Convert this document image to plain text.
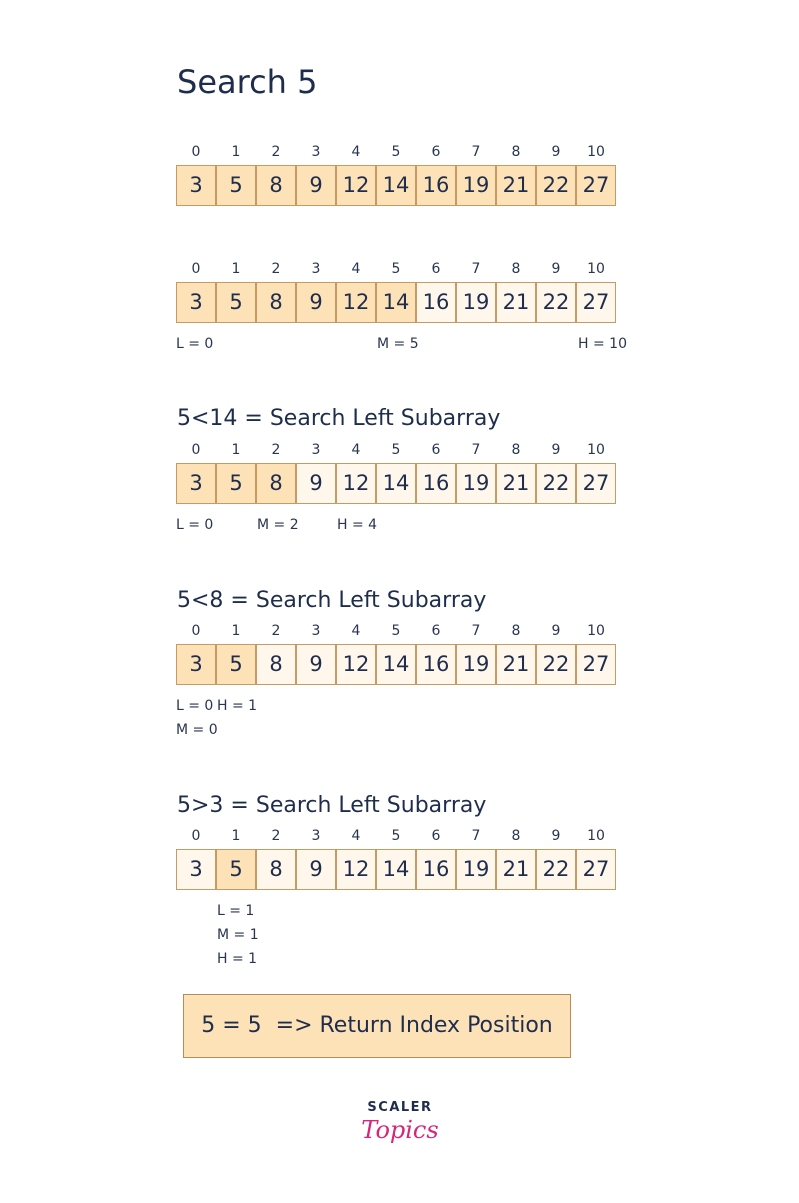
Search 5
0	1	2	3	4	5	6	7	8	9	10
3	5	8	9 12 14 16 19 21 22 27
0	1	2	3	4	5	6	7	8	9	10
3	5	8	9 12 14 16 19 21 22 27
L = 0	M = 5	H = 10
5<14 = Search Left Subarray
0	1	2	3	4	5	6	7	8	9	10
3	5	8	9 12 14 16 19 21 22 27
L = 0	M = 2	H = 4
5<8 = Search Left Subarray
0	1	2	3	4	5	6	7	8	9	10
3	5	8	9 12 14 16 19 21 22 27
L = 0 H = 1
M = 0
5>3 = Search Left Subarray
0	1	2	3	4	5	6	7	8	9	10
3	5	8	9 12 14 16 19 21 22 27
L = 1
M = 1
H = 1
5 = 5  => Return Index Position
SCALER
Topics
